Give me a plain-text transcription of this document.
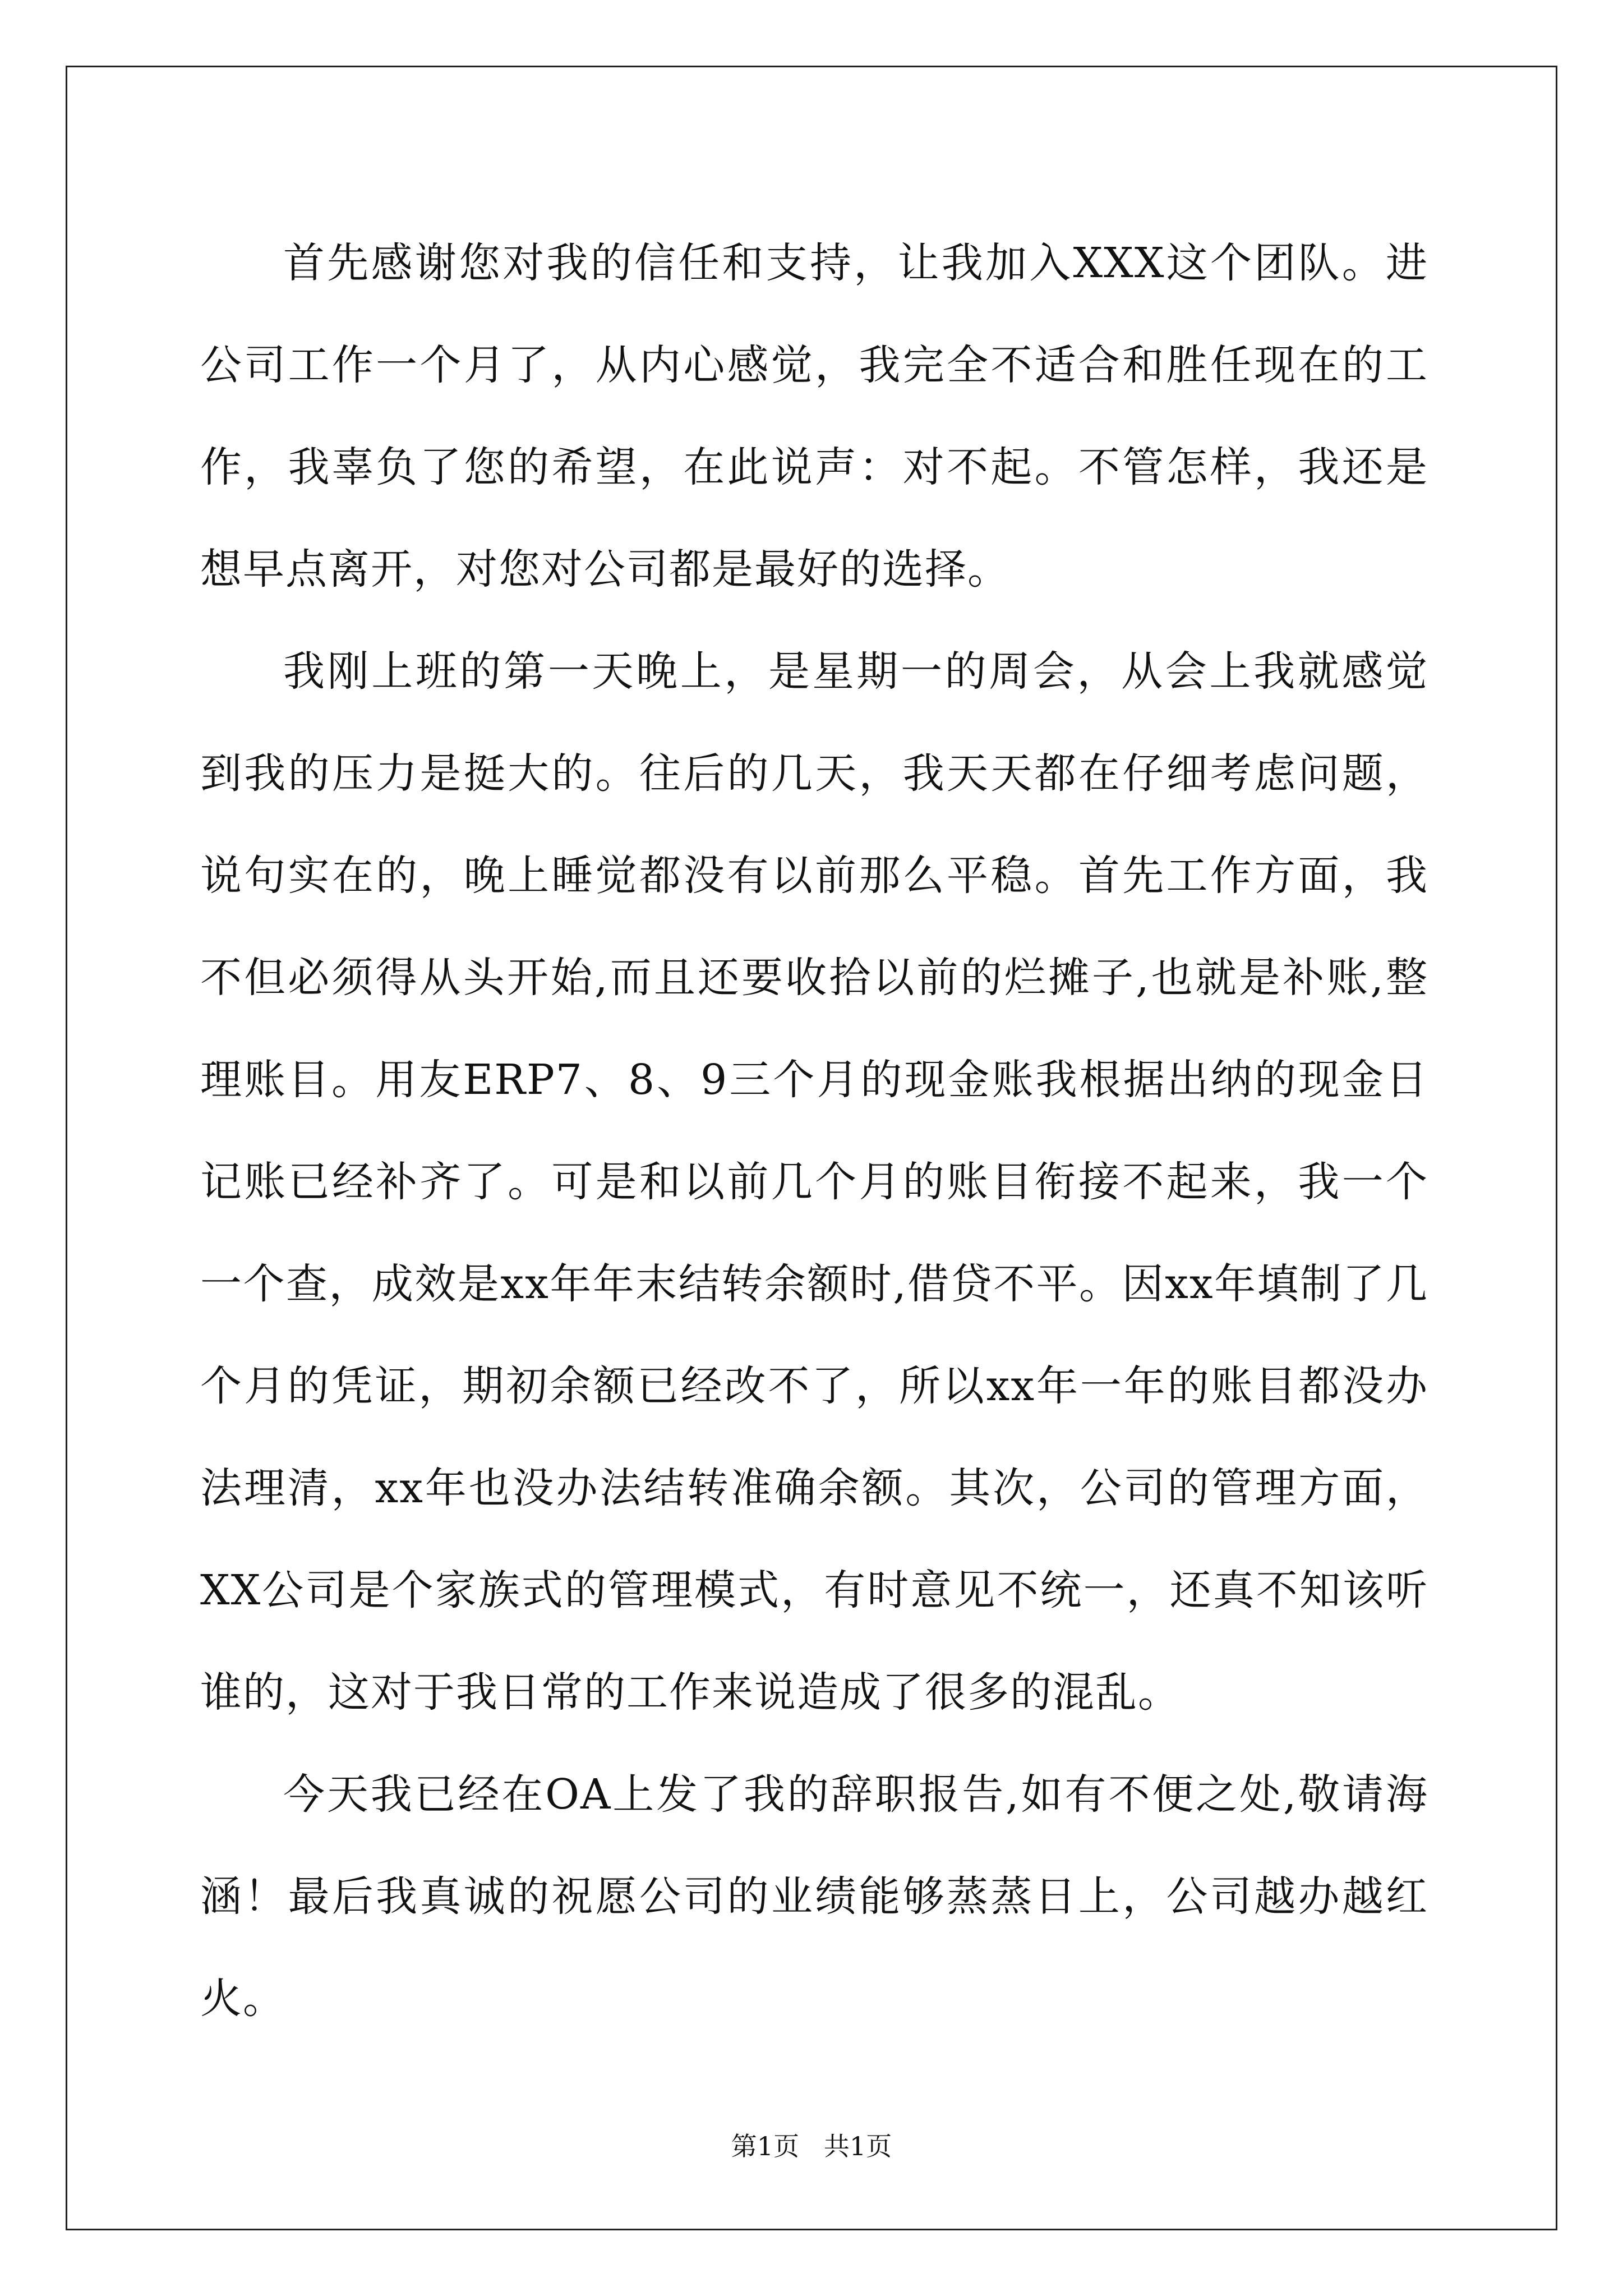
首先感谢您对我的信任和支持，让我加入XXX这个团队。进公司工作一个月了，从内心感觉，我完全不适合和胜任现在的工作，我辜负了您的希望，在此说声：对不起。不管怎样，我还是想早点离开，对您对公司都是最好的选择。

我刚上班的第一天晚上，是星期一的周会，从会上我就感觉到我的压力是挺大的。往后的几天，我天天都在仔细考虑问题，说句实在的，晚上睡觉都没有以前那么平稳。首先工作方面，我不但必须得从头开始,而且还要收拾以前的烂摊子,也就是补账,整理账目。用友ERP7、8、9三个月的现金账我根据出纳的现金日记账已经补齐了。可是和以前几个月的账目衔接不起来，我一个一个查，成效是xx年年末结转余额时,借贷不平。因xx年填制了几个月的凭证，期初余额已经改不了，所以xx年一年的账目都没办法理清，xx年也没办法结转准确余额。其次，公司的管理方面，XX公司是个家族式的管理模式，有时意见不统一，还真不知该听谁的，这对于我日常的工作来说造成了很多的混乱。

今天我已经在OA上发了我的辞职报告,如有不便之处,敬请海涵！最后我真诚的祝愿公司的业绩能够蒸蒸日上，公司越办越红火。

第1页   共1页
